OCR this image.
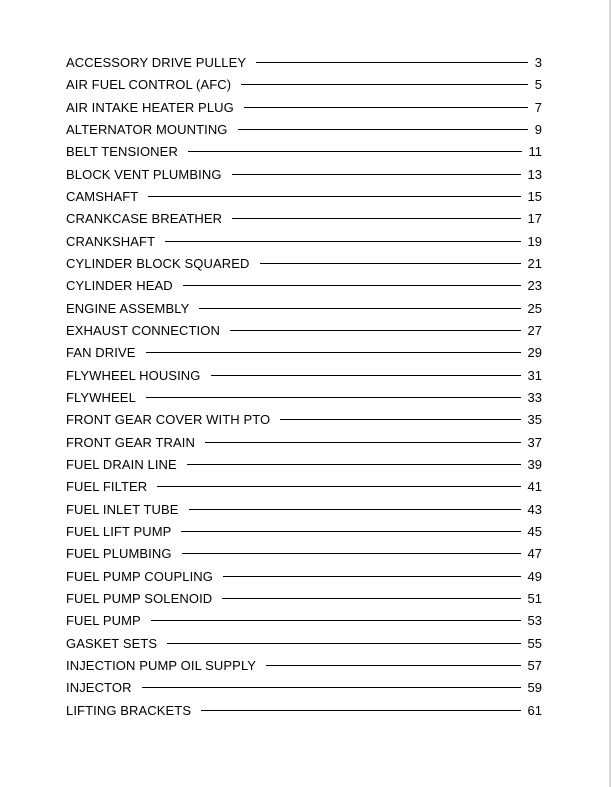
ACCESSORY DRIVE PULLEY	3
AIR FUEL CONTROL (AFC)	5
AIR INTAKE HEATER PLUG	7
ALTERNATOR MOUNTING	9
BELT TENSIONER	11
BLOCK VENT PLUMBING	13
CAMSHAFT	15
CRANKCASE BREATHER	17
CRANKSHAFT	19
CYLINDER BLOCK SQUARED	21
CYLINDER HEAD	23
ENGINE ASSEMBLY	25
EXHAUST CONNECTION	27
FAN DRIVE	29
FLYWHEEL HOUSING	31
FLYWHEEL	33
FRONT GEAR COVER WITH PTO	35
FRONT GEAR TRAIN	37
FUEL DRAIN LINE	39
FUEL FILTER	41
FUEL INLET TUBE	43
FUEL LIFT PUMP	45
FUEL PLUMBING	47
FUEL PUMP COUPLING	49
FUEL PUMP SOLENOID	51
FUEL PUMP	53
GASKET SETS	55
INJECTION PUMP OIL SUPPLY	57
INJECTOR	59
LIFTING BRACKETS	61
